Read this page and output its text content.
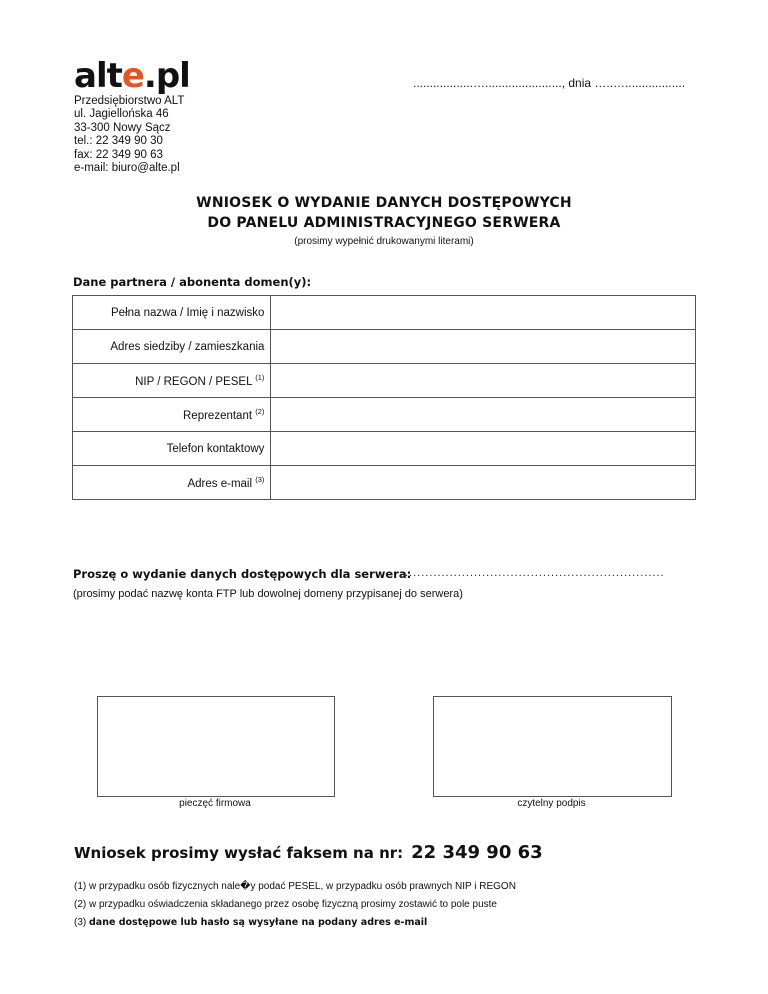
alte.pl	..................…......................., dnia …..…..................
Przedsiębiorstwo ALT
ul. Jagiellońska 46
33-300 Nowy Sącz
tel.: 22 349 90 30
fax: 22 349 90 63
e-mail: biuro@alte.pl
WNIOSEK O WYDANIE DANYCH DOSTĘPOWYCH
DO PANELU ADMINISTRACYJNEGO SERWERA
(prosimy wypełnić drukowanymi literami)
Dane partnera / abonenta domen(y):
Pełna nazwa / Imię i nazwisko	
Adres siedziby / zamieszkania	
NIP / REGON / PESEL $^{(1)}$	
Reprezentant $^{(2)}$	
Telefon kontaktowy	
Adres e-mail $^{(3)}$	
Proszę o wydanie danych dostępowych dla serwera:
................................................................
(prosimy podać nazwę konta FTP lub dowolnej domeny przypisanej do serwera)
pieczęć firmowa	czytelny podpis
Wniosek prosimy wysłać faksem na nr: 22 349 90 63
(1) w przypadku osób fizycznych nale�y podać PESEL, w przypadku osób prawnych NIP i REGON
(2) w przypadku oświadczenia składanego przez osobę fizyczną prosimy zostawić to pole puste
(3) dane dostępowe lub hasło są wysyłane na podany adres e-mail
